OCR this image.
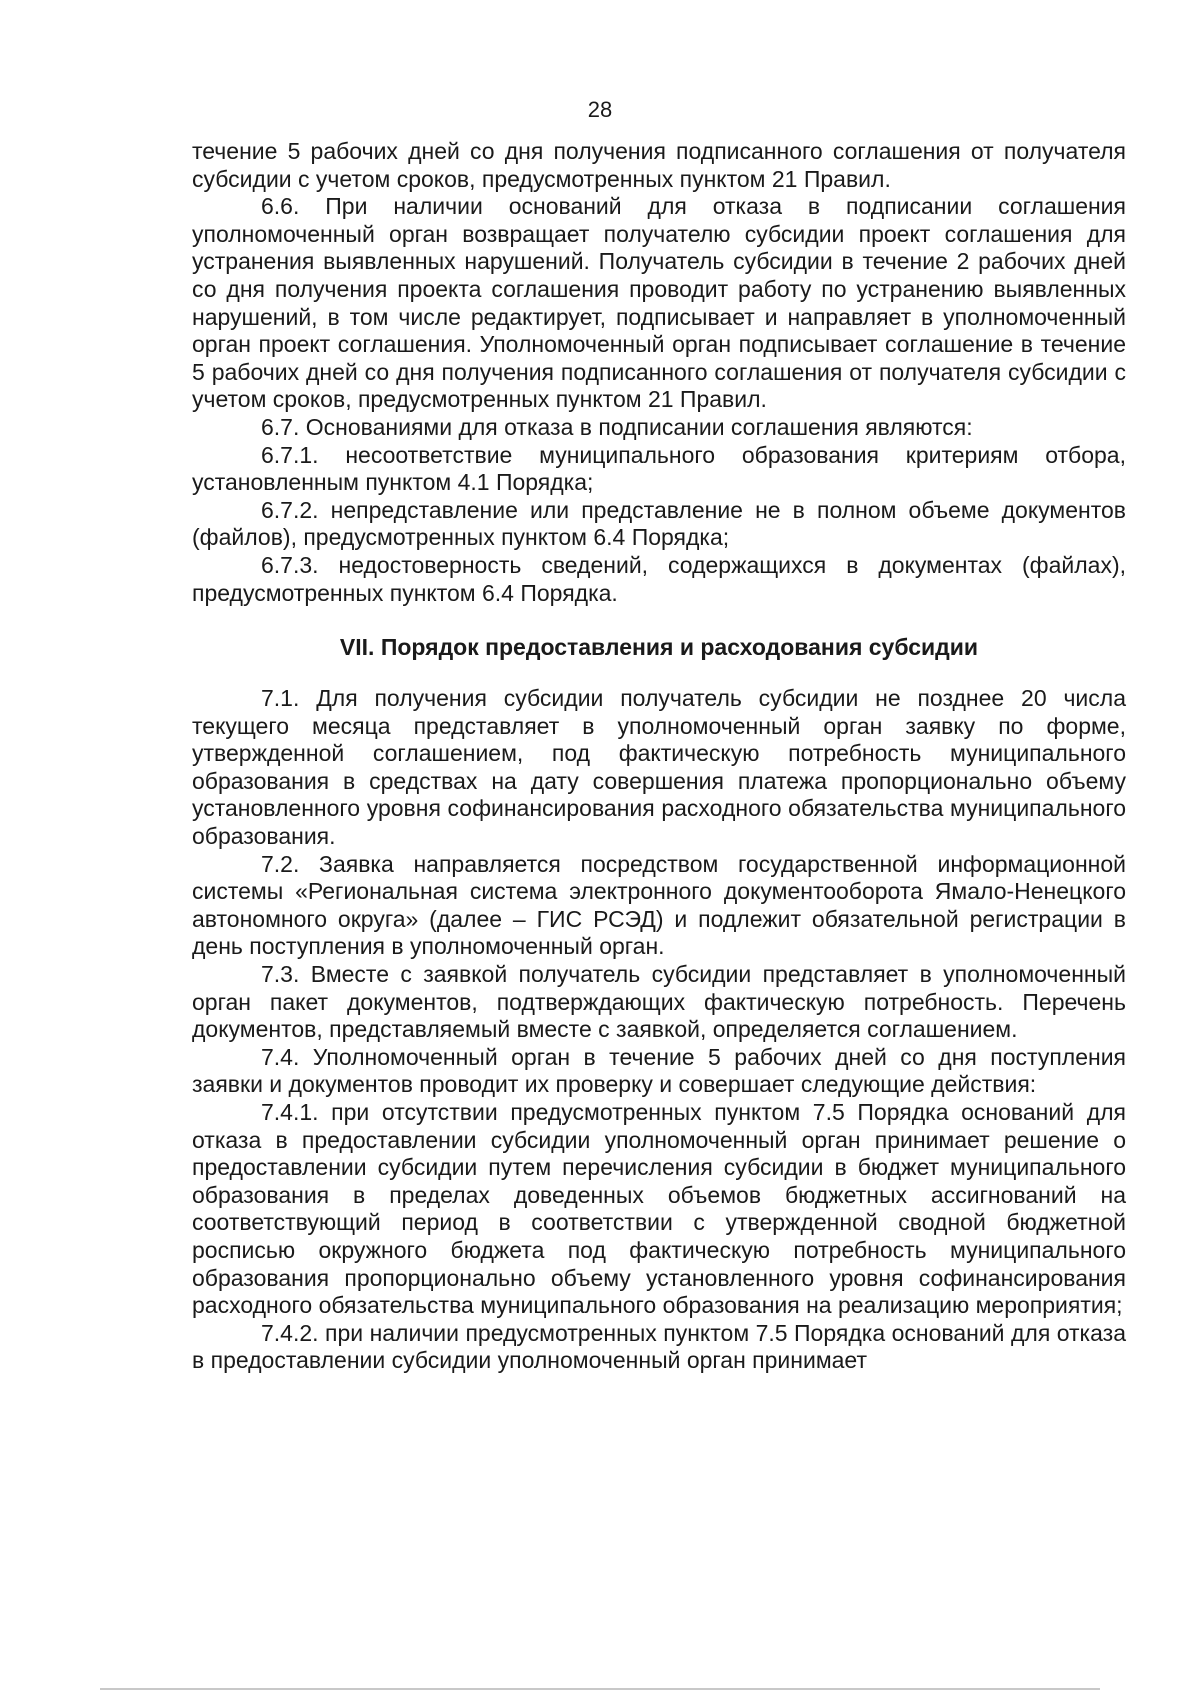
28

течение 5 рабочих дней со дня получения подписанного соглашения от получателя субсидии с учетом сроков, предусмотренных пунктом 21 Правил.

6.6. При наличии оснований для отказа в подписании соглашения уполномоченный орган возвращает получателю субсидии проект соглашения для устранения выявленных нарушений. Получатель субсидии в течение 2 рабочих дней со дня получения проекта соглашения проводит работу по устранению выявленных нарушений, в том числе редактирует, подписывает и направляет в уполномоченный орган проект соглашения. Уполномоченный орган подписывает соглашение в течение 5 рабочих дней со дня получения подписанного соглашения от получателя субсидии с учетом сроков, предусмотренных пунктом 21 Правил.

6.7. Основаниями для отказа в подписании соглашения являются:

6.7.1. несоответствие муниципального образования критериям отбора, установленным пунктом 4.1 Порядка;

6.7.2. непредставление или представление не в полном объеме документов (файлов), предусмотренных пунктом 6.4 Порядка;

6.7.3. недостоверность сведений, содержащихся в документах (файлах), предусмотренных пунктом 6.4 Порядка.

VII. Порядок предоставления и расходования субсидии

7.1. Для получения субсидии получатель субсидии не позднее 20 числа текущего месяца представляет в уполномоченный орган заявку по форме, утвержденной соглашением, под фактическую потребность муниципального образования в средствах на дату совершения платежа пропорционально объему установленного уровня софинансирования расходного обязательства муниципального образования.

7.2. Заявка направляется посредством государственной информационной системы «Региональная система электронного документооборота Ямало-Ненецкого автономного округа» (далее – ГИС РСЭД) и подлежит обязательной регистрации в день поступления в уполномоченный орган.

7.3. Вместе с заявкой получатель субсидии представляет в уполномоченный орган пакет документов, подтверждающих фактическую потребность. Перечень документов, представляемый вместе с заявкой, определяется соглашением.

7.4. Уполномоченный орган в течение 5 рабочих дней со дня поступления заявки и документов проводит их проверку и совершает следующие действия:

7.4.1. при отсутствии предусмотренных пунктом 7.5 Порядка оснований для отказа в предоставлении субсидии уполномоченный орган принимает решение о предоставлении субсидии путем перечисления субсидии в бюджет муниципального образования в пределах доведенных объемов бюджетных ассигнований на соответствующий период в соответствии с утвержденной сводной бюджетной росписью окружного бюджета под фактическую потребность муниципального образования пропорционально объему установленного уровня софинансирования расходного обязательства муниципального образования на реализацию мероприятия;

7.4.2. при наличии предусмотренных пунктом 7.5 Порядка оснований для отказа в предоставлении субсидии уполномоченный орган принимает
